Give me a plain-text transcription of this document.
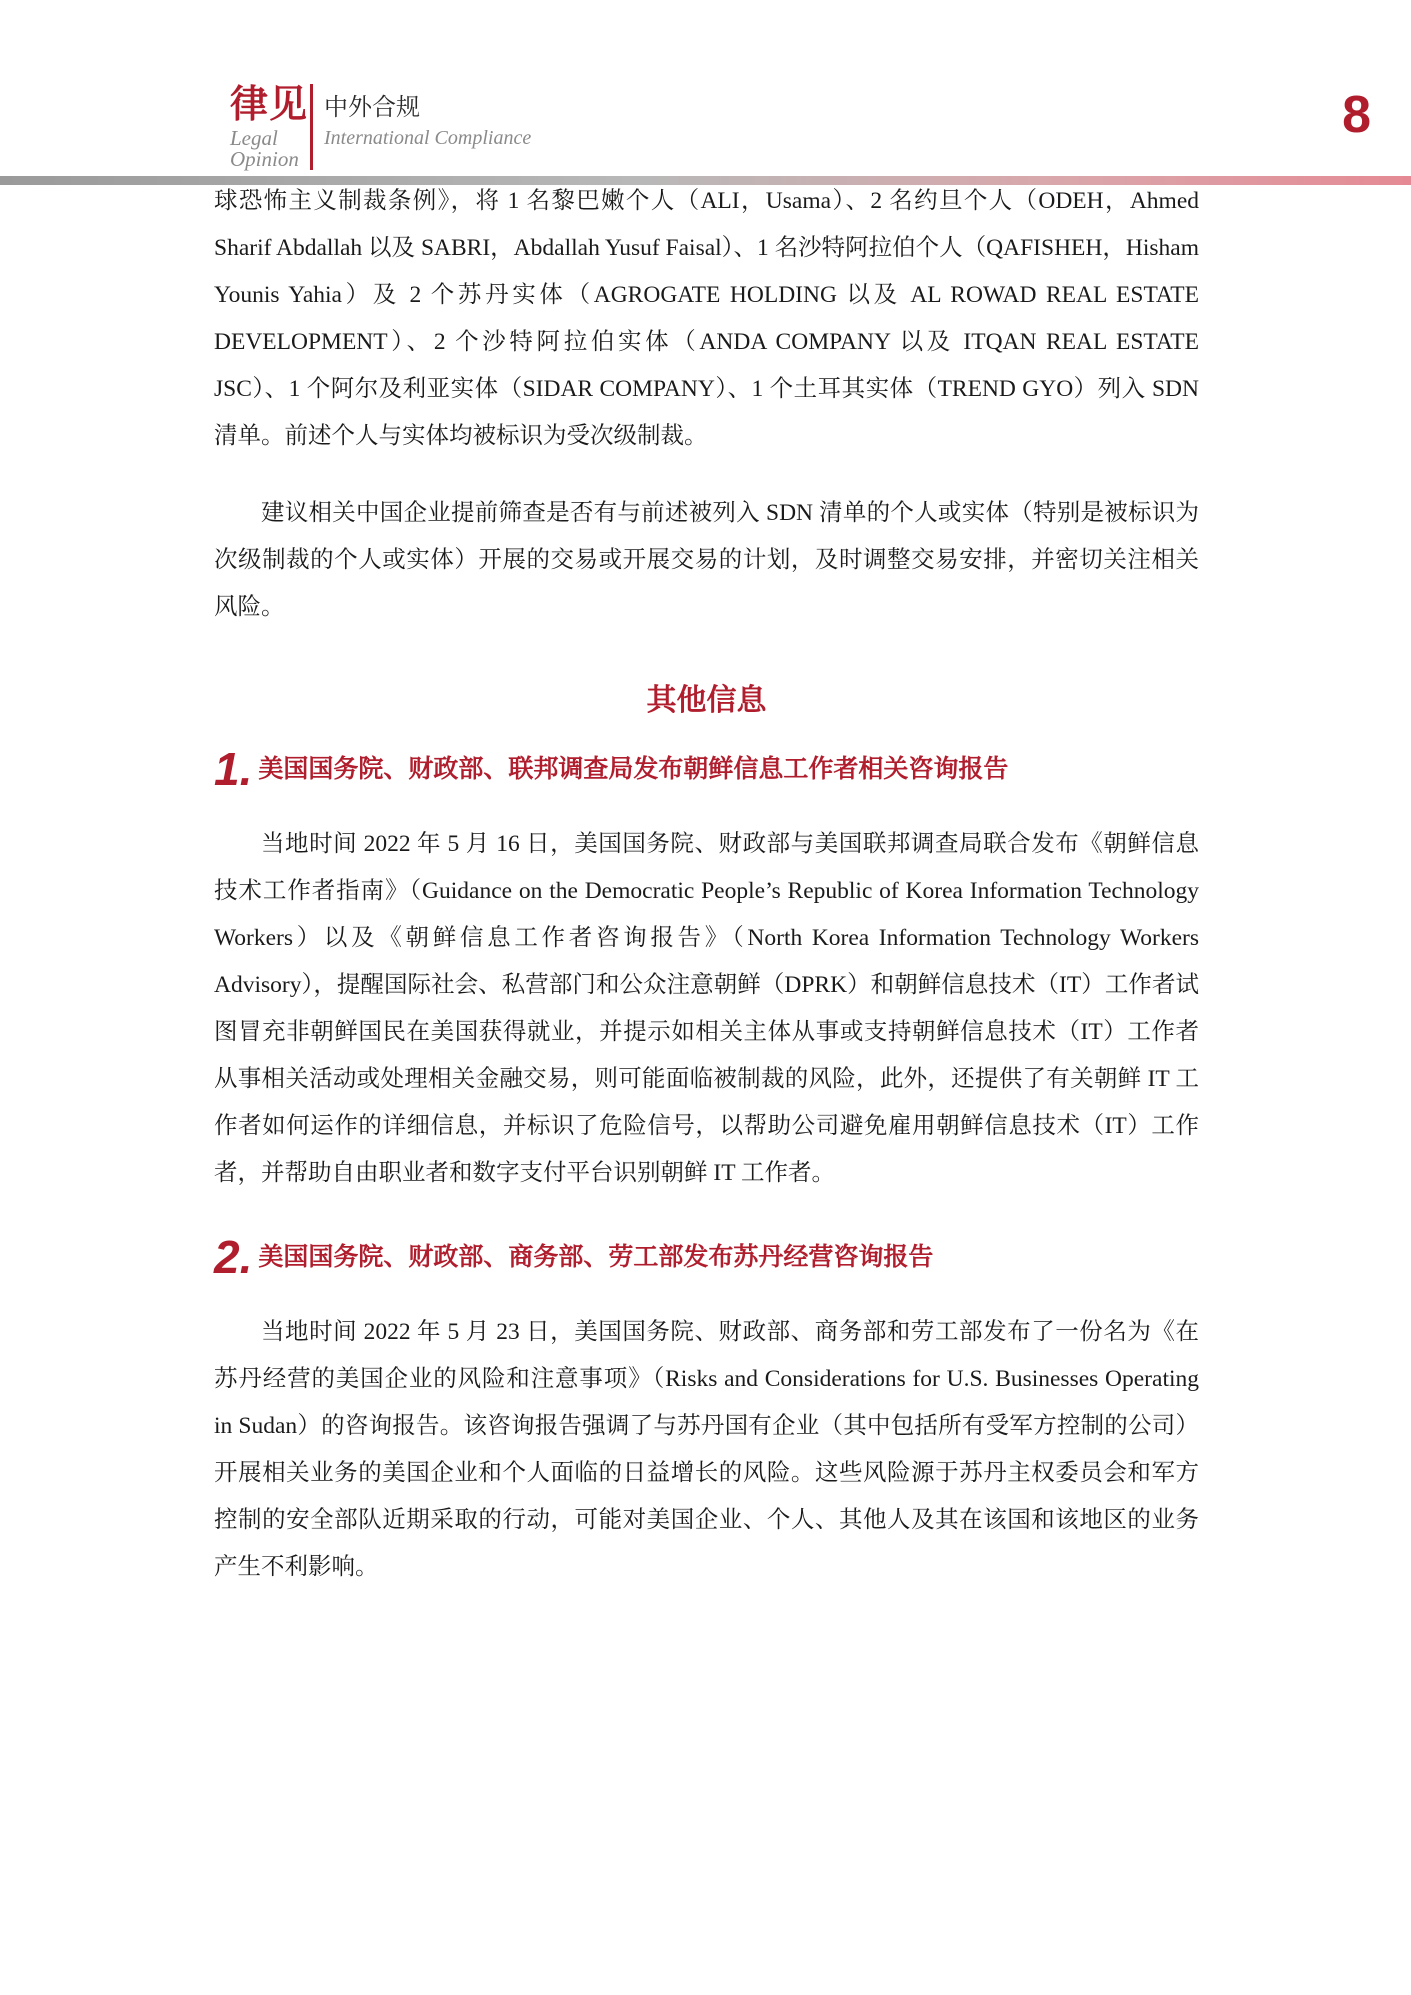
律见
Legal Opinion
中外合规
International Compliance	8

球恐怖主义制裁条例》，将 1 名黎巴嫩个人（ALI，Usama）、2 名约旦个人（ODEH，Ahmed Sharif Abdallah 以及 SABRI，Abdallah Yusuf Faisal）、1 名沙特阿拉伯个人（QAFISHEH，Hisham Younis Yahia）及 2 个苏丹实体（AGROGATE HOLDING 以及 AL ROWAD REAL ESTATE DEVELOPMENT）、2 个沙特阿拉伯实体（ANDA COMPANY 以及 ITQAN REAL ESTATE JSC）、1 个阿尔及利亚实体（SIDAR COMPANY）、1 个土耳其实体（TREND GYO）列入 SDN 清单。前述个人与实体均被标识为受次级制裁。

建议相关中国企业提前筛查是否有与前述被列入 SDN 清单的个人或实体（特别是被标识为次级制裁的个人或实体）开展的交易或开展交易的计划，及时调整交易安排，并密切关注相关风险。

其他信息
1. 美国国务院、财政部、联邦调查局发布朝鲜信息工作者相关咨询报告

当地时间 2022 年 5 月 16 日，美国国务院、财政部与美国联邦调查局联合发布《朝鲜信息技术工作者指南》（Guidance on the Democratic People’s Republic of Korea Information Technology Workers）以及《朝鲜信息工作者咨询报告》（North Korea Information Technology Workers Advisory），提醒国际社会、私营部门和公众注意朝鲜（DPRK）和朝鲜信息技术（IT）工作者试图冒充非朝鲜国民在美国获得就业，并提示如相关主体从事或支持朝鲜信息技术（IT）工作者从事相关活动或处理相关金融交易，则可能面临被制裁的风险，此外，还提供了有关朝鲜 IT 工作者如何运作的详细信息，并标识了危险信号，以帮助公司避免雇用朝鲜信息技术（IT）工作者，并帮助自由职业者和数字支付平台识别朝鲜 IT 工作者。

2. 美国国务院、财政部、商务部、劳工部发布苏丹经营咨询报告

当地时间 2022 年 5 月 23 日，美国国务院、财政部、商务部和劳工部发布了一份名为《在苏丹经营的美国企业的风险和注意事项》（Risks and Considerations for U.S. Businesses Operating in Sudan）的咨询报告。该咨询报告强调了与苏丹国有企业（其中包括所有受军方控制的公司）开展相关业务的美国企业和个人面临的日益增长的风险。这些风险源于苏丹主权委员会和军方控制的安全部队近期采取的行动，可能对美国企业、个人、其他人及其在该国和该地区的业务产生不利影响。
